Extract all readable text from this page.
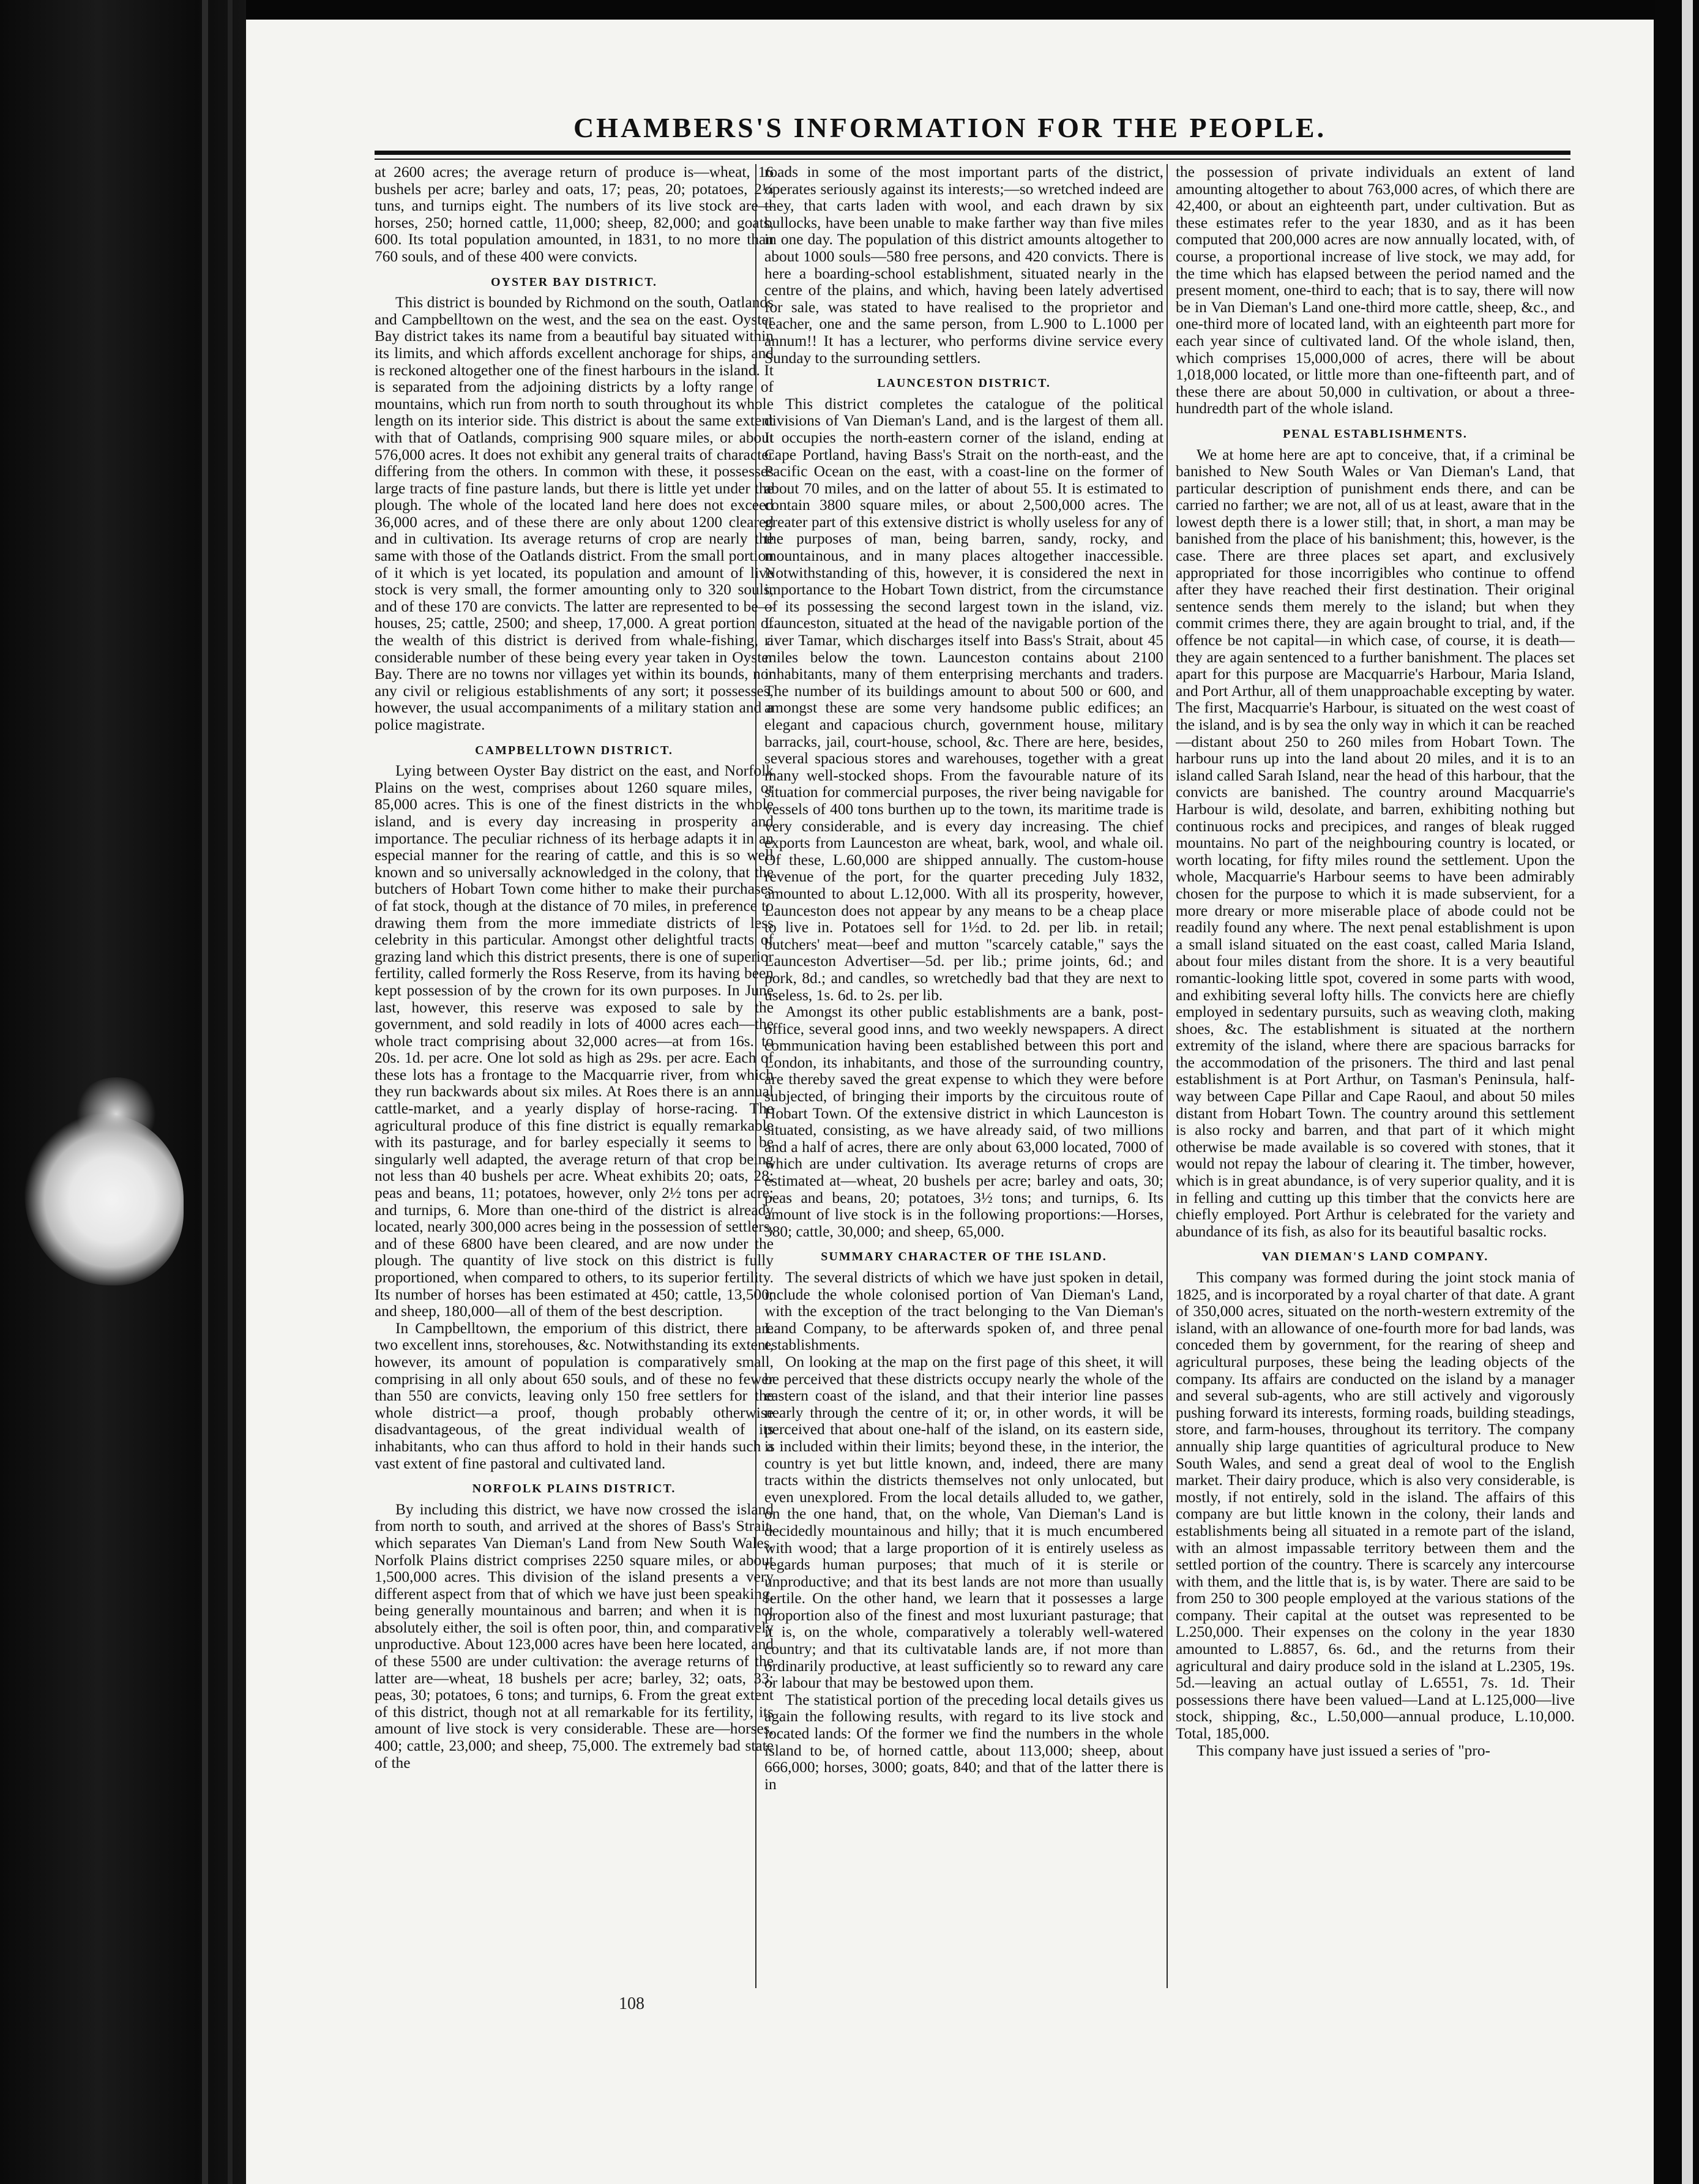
CHAMBERS'S INFORMATION FOR THE PEOPLE.

at 2600 acres; the average return of produce is—wheat, 16 bushels per acre; barley and oats, 17; peas, 20; potatoes, 2¼ tuns, and turnips eight. The numbers of its live stock are—horses, 250; horned cattle, 11,000; sheep, 82,000; and goats, 600. Its total population amounted, in 1831, to no more than 760 souls, and of these 400 were convicts.

OYSTER BAY DISTRICT.

This district is bounded by Richmond on the south, Oatlands and Campbelltown on the west, and the sea on the east. Oyster Bay district takes its name from a beautiful bay situated within its limits, and which affords excellent anchorage for ships, and is reckoned altogether one of the finest harbours in the island. It is separated from the adjoining districts by a lofty range of mountains, which run from north to south throughout its whole length on its interior side. This district is about the same extent with that of Oatlands, comprising 900 square miles, or about 576,000 acres. It does not exhibit any general traits of character differing from the others. In common with these, it possesses large tracts of fine pasture lands, but there is little yet under the plough. The whole of the located land here does not exceed 36,000 acres, and of these there are only about 1200 cleared and in cultivation. Its average returns of crop are nearly the same with those of the Oatlands district. From the small portion of it which is yet located, its population and amount of live stock is very small, the former amounting only to 320 souls, and of these 170 are convicts. The latter are represented to be—houses, 25; cattle, 2500; and sheep, 17,000. A great portion of the wealth of this district is derived from whale-fishing, a considerable number of these being every year taken in Oyster Bay. There are no towns nor villages yet within its bounds, nor any civil or religious establishments of any sort; it possesses, however, the usual accompaniments of a military station and a police magistrate.

CAMPBELLTOWN DISTRICT.

Lying between Oyster Bay district on the east, and Norfolk Plains on the west, comprises about 1260 square miles, or 85,000 acres. This is one of the finest districts in the whole island, and is every day increasing in prosperity and importance. The peculiar richness of its herbage adapts it in an especial manner for the rearing of cattle, and this is so well known and so universally acknowledged in the colony, that the butchers of Hobart Town come hither to make their purchases of fat stock, though at the distance of 70 miles, in preference to drawing them from the more immediate districts of less celebrity in this particular. Amongst other delightful tracts of grazing land which this district presents, there is one of superior fertility, called formerly the Ross Reserve, from its having been kept possession of by the crown for its own purposes. In June last, however, this reserve was exposed to sale by the government, and sold readily in lots of 4000 acres each—the whole tract comprising about 32,000 acres—at from 16s. to 20s. 1d. per acre. One lot sold as high as 29s. per acre. Each of these lots has a frontage to the Macquarrie river, from which they run backwards about six miles. At Roes there is an annual cattle-market, and a yearly display of horse-racing. The agricultural produce of this fine district is equally remarkable with its pasturage, and for barley especially it seems to be singularly well adapted, the average return of that crop being not less than 40 bushels per acre. Wheat exhibits 20; oats, 28; peas and beans, 11; potatoes, however, only 2½ tons per acre; and turnips, 6. More than one-third of the district is already located, nearly 300,000 acres being in the possession of settlers, and of these 6800 have been cleared, and are now under the plough. The quantity of live stock on this district is fully proportioned, when compared to others, to its superior fertility. Its number of horses has been estimated at 450; cattle, 13,500; and sheep, 180,000—all of them of the best description.

In Campbelltown, the emporium of this district, there are two excellent inns, storehouses, &c. Notwithstanding its extent, however, its amount of population is comparatively small, comprising in all only about 650 souls, and of these no fewer than 550 are convicts, leaving only 150 free settlers for the whole district—a proof, though probably otherwise disadvantageous, of the great individual wealth of its inhabitants, who can thus afford to hold in their hands such a vast extent of fine pastoral and cultivated land.

NORFOLK PLAINS DISTRICT.

By including this district, we have now crossed the island from north to south, and arrived at the shores of Bass's Strait, which separates Van Dieman's Land from New South Wales. Norfolk Plains district comprises 2250 square miles, or about 1,500,000 acres. This division of the island presents a very different aspect from that of which we have just been speaking, being generally mountainous and barren; and when it is not absolutely either, the soil is often poor, thin, and comparatively unproductive. About 123,000 acres have been here located, and of these 5500 are under cultivation: the average returns of the latter are—wheat, 18 bushels per acre; barley, 32; oats, 33; peas, 30; potatoes, 6 tons; and turnips, 6. From the great extent of this district, though not at all remarkable for its fertility, its amount of live stock is very considerable. These are—horses, 400; cattle, 23,000; and sheep, 75,000. The extremely bad state of the

roads in some of the most important parts of the district, operates seriously against its interests;—so wretched indeed are they, that carts laden with wool, and each drawn by six bullocks, have been unable to make farther way than five miles in one day. The population of this district amounts altogether to about 1000 souls—580 free persons, and 420 convicts. There is here a boarding-school establishment, situated nearly in the centre of the plains, and which, having been lately advertised for sale, was stated to have realised to the proprietor and teacher, one and the same person, from L.900 to L.1000 per annum!! It has a lecturer, who performs divine service every Sunday to the surrounding settlers.

LAUNCESTON DISTRICT.

This district completes the catalogue of the political divisions of Van Dieman's Land, and is the largest of them all. It occupies the north-eastern corner of the island, ending at Cape Portland, having Bass's Strait on the north-east, and the Pacific Ocean on the east, with a coast-line on the former of about 70 miles, and on the latter of about 55. It is estimated to contain 3800 square miles, or about 2,500,000 acres. The greater part of this extensive district is wholly useless for any of the purposes of man, being barren, sandy, rocky, and mountainous, and in many places altogether inaccessible. Notwithstanding of this, however, it is considered the next in importance to the Hobart Town district, from the circumstance of its possessing the second largest town in the island, viz. Launceston, situated at the head of the navigable portion of the river Tamar, which discharges itself into Bass's Strait, about 45 miles below the town. Launceston contains about 2100 inhabitants, many of them enterprising merchants and traders. The number of its buildings amount to about 500 or 600, and amongst these are some very handsome public edifices; an elegant and capacious church, government house, military barracks, jail, court-house, school, &c. There are here, besides, several spacious stores and warehouses, together with a great many well-stocked shops. From the favourable nature of its situation for commercial purposes, the river being navigable for vessels of 400 tons burthen up to the town, its maritime trade is very considerable, and is every day increasing. The chief exports from Launceston are wheat, bark, wool, and whale oil. Of these, L.60,000 are shipped annually. The custom-house revenue of the port, for the quarter preceding July 1832, amounted to about L.12,000. With all its prosperity, however, Launceston does not appear by any means to be a cheap place to live in. Potatoes sell for 1½d. to 2d. per lib. in retail; butchers' meat—beef and mutton "scarcely catable," says the Launceston Advertiser—5d. per lib.; prime joints, 6d.; and pork, 8d.; and candles, so wretchedly bad that they are next to useless, 1s. 6d. to 2s. per lib.

Amongst its other public establishments are a bank, post-office, several good inns, and two weekly newspapers. A direct communication having been established between this port and London, its inhabitants, and those of the surrounding country, are thereby saved the great expense to which they were before subjected, of bringing their imports by the circuitous route of Hobart Town. Of the extensive district in which Launceston is situated, consisting, as we have already said, of two millions and a half of acres, there are only about 63,000 located, 7000 of which are under cultivation. Its average returns of crops are estimated at—wheat, 20 bushels per acre; barley and oats, 30; peas and beans, 20; potatoes, 3½ tons; and turnips, 6. Its amount of live stock is in the following proportions:—Horses, 380; cattle, 30,000; and sheep, 65,000.

SUMMARY CHARACTER OF THE ISLAND.

The several districts of which we have just spoken in detail, include the whole colonised portion of Van Dieman's Land, with the exception of the tract belonging to the Van Dieman's Land Company, to be afterwards spoken of, and three penal establishments.

On looking at the map on the first page of this sheet, it will be perceived that these districts occupy nearly the whole of the eastern coast of the island, and that their interior line passes nearly through the centre of it; or, in other words, it will be perceived that about one-half of the island, on its eastern side, is included within their limits; beyond these, in the interior, the country is yet but little known, and, indeed, there are many tracts within the districts themselves not only unlocated, but even unexplored. From the local details alluded to, we gather, on the one hand, that, on the whole, Van Dieman's Land is decidedly mountainous and hilly; that it is much encumbered with wood; that a large proportion of it is entirely useless as regards human purposes; that much of it is sterile or unproductive; and that its best lands are not more than usually fertile. On the other hand, we learn that it possesses a large proportion also of the finest and most luxuriant pasturage; that it is, on the whole, comparatively a tolerably well-watered country; and that its cultivatable lands are, if not more than ordinarily productive, at least sufficiently so to reward any care or labour that may be bestowed upon them.

The statistical portion of the preceding local details gives us again the following results, with regard to its live stock and located lands: Of the former we find the numbers in the whole island to be, of horned cattle, about 113,000; sheep, about 666,000; horses, 3000; goats, 840; and that of the latter there is in

the possession of private individuals an extent of land amounting altogether to about 763,000 acres, of which there are 42,400, or about an eighteenth part, under cultivation. But as these estimates refer to the year 1830, and as it has been computed that 200,000 acres are now annually located, with, of course, a proportional increase of live stock, we may add, for the time which has elapsed between the period named and the present moment, one-third to each; that is to say, there will now be in Van Dieman's Land one-third more cattle, sheep, &c., and one-third more of located land, with an eighteenth part more for each year since of cultivated land. Of the whole island, then, which comprises 15,000,000 of acres, there will be about 1,018,000 located, or little more than one-fifteenth part, and of these there are about 50,000 in cultivation, or about a three-hundredth part of the whole island.

PENAL ESTABLISHMENTS.

We at home here are apt to conceive, that, if a criminal be banished to New South Wales or Van Dieman's Land, that particular description of punishment ends there, and can be carried no farther; we are not, all of us at least, aware that in the lowest depth there is a lower still; that, in short, a man may be banished from the place of his banishment; this, however, is the case. There are three places set apart, and exclusively appropriated for those incorrigibles who continue to offend after they have reached their first destination. Their original sentence sends them merely to the island; but when they commit crimes there, they are again brought to trial, and, if the offence be not capital—in which case, of course, it is death—they are again sentenced to a further banishment. The places set apart for this purpose are Macquarrie's Harbour, Maria Island, and Port Arthur, all of them unapproachable excepting by water. The first, Macquarrie's Harbour, is situated on the west coast of the island, and is by sea the only way in which it can be reached—distant about 250 to 260 miles from Hobart Town. The harbour runs up into the land about 20 miles, and it is to an island called Sarah Island, near the head of this harbour, that the convicts are banished. The country around Macquarrie's Harbour is wild, desolate, and barren, exhibiting nothing but continuous rocks and precipices, and ranges of bleak rugged mountains. No part of the neighbouring country is located, or worth locating, for fifty miles round the settlement. Upon the whole, Macquarrie's Harbour seems to have been admirably chosen for the purpose to which it is made subservient, for a more dreary or more miserable place of abode could not be readily found any where. The next penal establishment is upon a small island situated on the east coast, called Maria Island, about four miles distant from the shore. It is a very beautiful romantic-looking little spot, covered in some parts with wood, and exhibiting several lofty hills. The convicts here are chiefly employed in sedentary pursuits, such as weaving cloth, making shoes, &c. The establishment is situated at the northern extremity of the island, where there are spacious barracks for the accommodation of the prisoners. The third and last penal establishment is at Port Arthur, on Tasman's Peninsula, half-way between Cape Pillar and Cape Raoul, and about 50 miles distant from Hobart Town. The country around this settlement is also rocky and barren, and that part of it which might otherwise be made available is so covered with stones, that it would not repay the labour of clearing it. The timber, however, which is in great abundance, is of very superior quality, and it is in felling and cutting up this timber that the convicts here are chiefly employed. Port Arthur is celebrated for the variety and abundance of its fish, as also for its beautiful basaltic rocks.

VAN DIEMAN'S LAND COMPANY.

This company was formed during the joint stock mania of 1825, and is incorporated by a royal charter of that date. A grant of 350,000 acres, situated on the north-western extremity of the island, with an allowance of one-fourth more for bad lands, was conceded them by government, for the rearing of sheep and agricultural purposes, these being the leading objects of the company. Its affairs are conducted on the island by a manager and several sub-agents, who are still actively and vigorously pushing forward its interests, forming roads, building steadings, store, and farm-houses, throughout its territory. The company annually ship large quantities of agricultural produce to New South Wales, and send a great deal of wool to the English market. Their dairy produce, which is also very considerable, is mostly, if not entirely, sold in the island. The affairs of this company are but little known in the colony, their lands and establishments being all situated in a remote part of the island, with an almost impassable territory between them and the settled portion of the country. There is scarcely any intercourse with them, and the little that is, is by water. There are said to be from 250 to 300 people employed at the various stations of the company. Their capital at the outset was represented to be L.250,000. Their expenses on the colony in the year 1830 amounted to L.8857, 6s. 6d., and the returns from their agricultural and dairy produce sold in the island at L.2305, 19s. 5d.—leaving an actual outlay of L.6551, 7s. 1d. Their possessions there have been valued—Land at L.125,000—live stock, shipping, &c., L.50,000—annual produce, L.10,000. Total, 185,000.

This company have just issued a series of "pro-

108
